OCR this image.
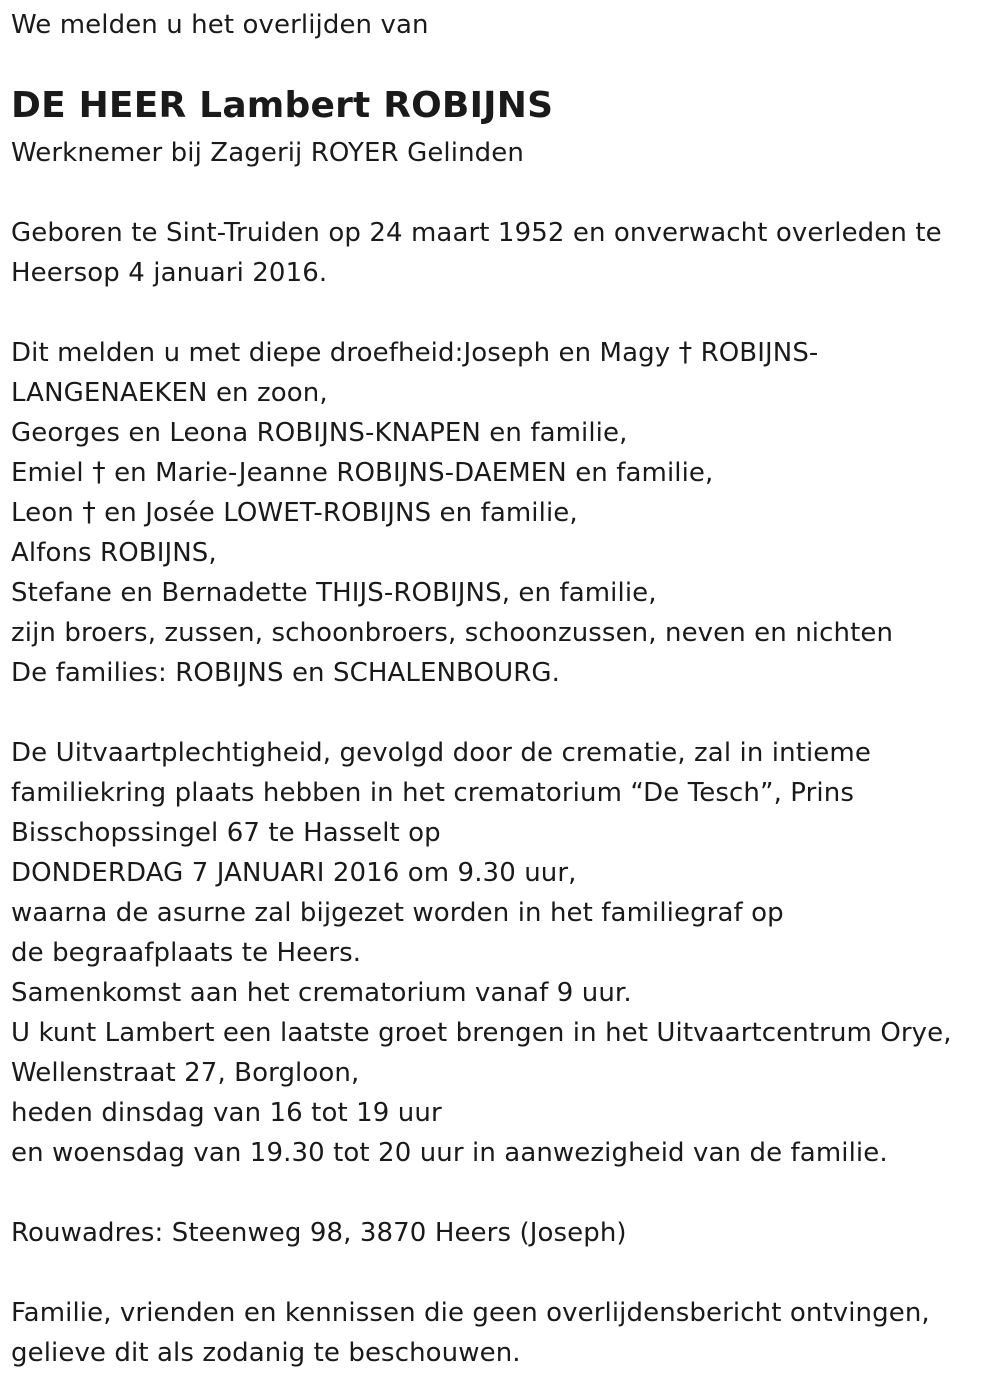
We melden u het overlijden van
DE HEER Lambert ROBIJNS
Werknemer bij Zagerij ROYER Gelinden
Geboren te Sint-Truiden op 24 maart 1952 en onverwacht overleden te
Heersop 4 januari 2016.
Dit melden u met diepe droefheid:Joseph en Magy † ROBIJNS-
LANGENAEKEN en zoon,
Georges en Leona ROBIJNS-KNAPEN en familie,
Emiel † en Marie-Jeanne ROBIJNS-DAEMEN en familie,
Leon † en Josée LOWET-ROBIJNS en familie,
Alfons ROBIJNS,
Stefane en Bernadette THIJS-ROBIJNS, en familie,
zijn broers, zussen, schoonbroers, schoonzussen, neven en nichten
De families: ROBIJNS en SCHALENBOURG.
De Uitvaartplechtigheid, gevolgd door de crematie, zal in intieme
familiekring plaats hebben in het crematorium “De Tesch”, Prins
Bisschopssingel 67 te Hasselt op
DONDERDAG 7 JANUARI 2016 om 9.30 uur,
waarna de asurne zal bijgezet worden in het familiegraf op
de begraafplaats te Heers.
Samenkomst aan het crematorium vanaf 9 uur.
U kunt Lambert een laatste groet brengen in het Uitvaartcentrum Orye,
Wellenstraat 27, Borgloon,
heden dinsdag van 16 tot 19 uur
en woensdag van 19.30 tot 20 uur in aanwezigheid van de familie.
Rouwadres: Steenweg 98, 3870 Heers (Joseph)
Familie, vrienden en kennissen die geen overlijdensbericht ontvingen,
gelieve dit als zodanig te beschouwen.
